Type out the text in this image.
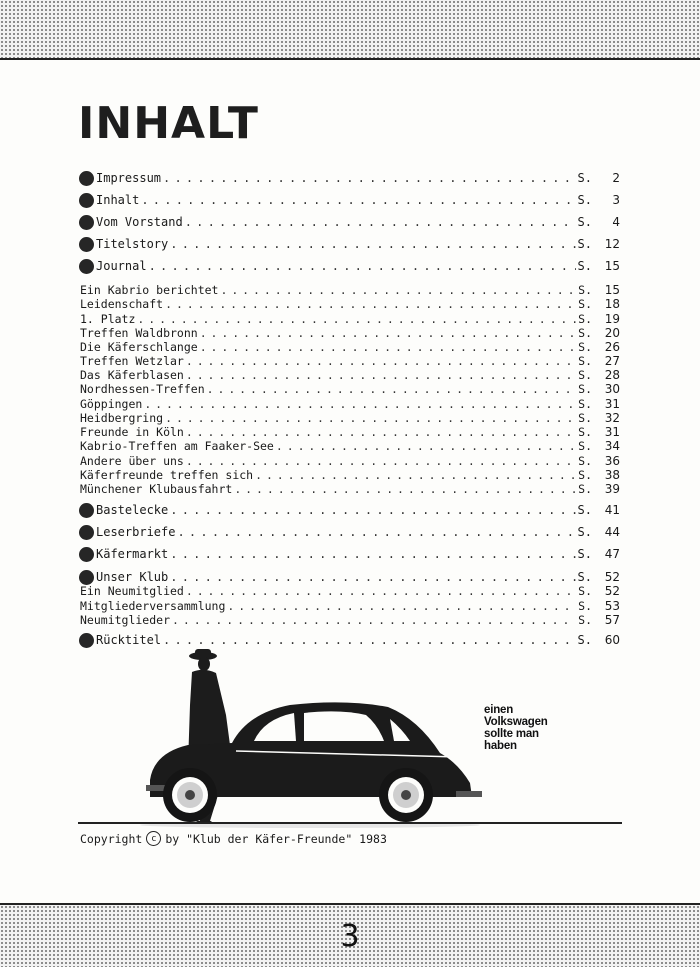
INHALT
Impressum . . .	S.	2
Inhalt . . .	S.	3
Vom Vorstand . . .	S.	4
Titelstory . . .	S.	12
Journal . . .	S.	15
Ein Kabrio berichtet . . .	S.	15
Leidenschaft . . .	S.	18
1. Platz . . .	S.	19
Treffen Waldbronn . . .	S.	20
Die Käferschlange . . .	S.	26
Treffen Wetzlar . . .	S.	27
Das Käferblasen . . .	S.	28
Nordhessen-Treffen . . .	S.	30
Göppingen . . .	S.	31
Heidbergring . . .	S.	32
Freunde in Köln . . .	S.	31
Kabrio-Treffen am Faaker-See . . .	S.	34
Andere über uns . . .	S.	36
Käferfreunde treffen sich . . .	S.	38
Münchener Klubausfahrt . . .	S.	39
Bastelecke . . .	S.	41
Leserbriefe . . .	S.	44
Käfermarkt . . .	S.	47
Unser Klub . . .	S.	52
Ein Neumitglied . . .	S.	52
Mitgliederversammlung . . .	S.	53
Neumitglieder . . .	S.	57
Rücktitel . . .	S.	60
einen
Volkswagen
sollte man
haben
Copyright c by "Klub der Käfer-Freunde" 1983
3
